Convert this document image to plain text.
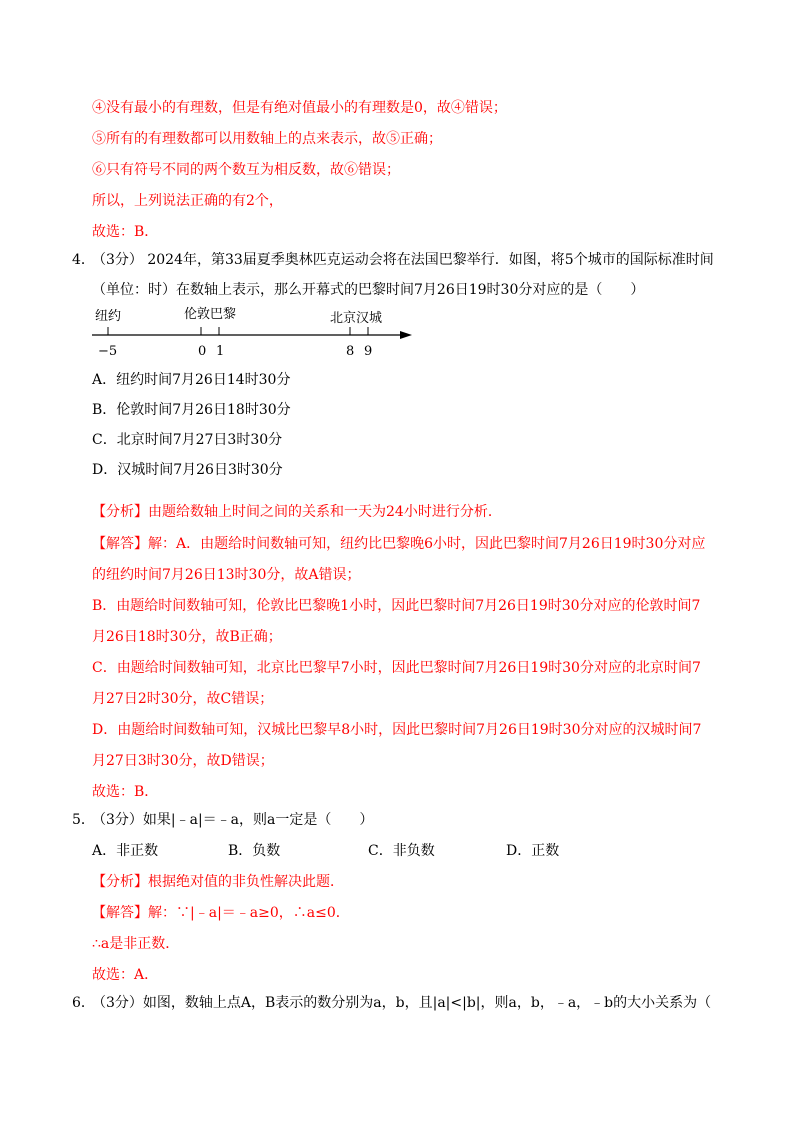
④没有最小的有理数，但是有绝对值最小的有理数是0，故④错误；
⑤所有的有理数都可以用数轴上的点来表示，故⑤正确；
⑥只有符号不同的两个数互为相反数，故⑥错误；
所以，上列说法正确的有2个，
故选：B．
4．
（3分） 2024年，第33届夏季奥林匹克运动会将在法国巴黎举行．如图，将5个城市的国际标准时间
（单位：时）在数轴上表示，那么开幕式的巴黎时间7月26日19时30分对应的是（　　）
纽约	伦敦巴黎	北京汉城
−5	0 1	8 9
A．纽约时间7月26日14时30分
B．伦敦时间7月26日18时30分
C．北京时间7月27日3时30分
D．汉城时间7月26日3时30分
【分析】由题给数轴上时间之间的关系和一天为24小时进行分析．
【解答】解：A．由题给时间数轴可知，纽约比巴黎晚6小时，因此巴黎时间7月26日19时30分对应
的纽约时间7月26日13时30分，故A错误；
B．由题给时间数轴可知，伦敦比巴黎晚1小时，因此巴黎时间7月26日19时30分对应的伦敦时间7
月26日18时30分，故B正确；
C．由题给时间数轴可知，北京比巴黎早7小时，因此巴黎时间7月26日19时30分对应的北京时间7
月27日2时30分，故C错误；
D．由题给时间数轴可知，汉城比巴黎早8小时，因此巴黎时间7月26日19时30分对应的汉城时间7
月27日3时30分，故D错误；
故选：B．
5．
（3分）如果|﹣a|＝﹣a，则a一定是（　　）
A．非正数	B．负数	C．非负数	D．正数
【分析】根据绝对值的非负性解决此题．
【解答】解：∵|﹣a|＝﹣a≥0，∴a≤0．
∴a是非正数．
故选：A．
6．
（3分）如图，数轴上点A，B表示的数分别为a，b，且|a|<|b|，则a，b，﹣a，﹣b的大小关系为（
